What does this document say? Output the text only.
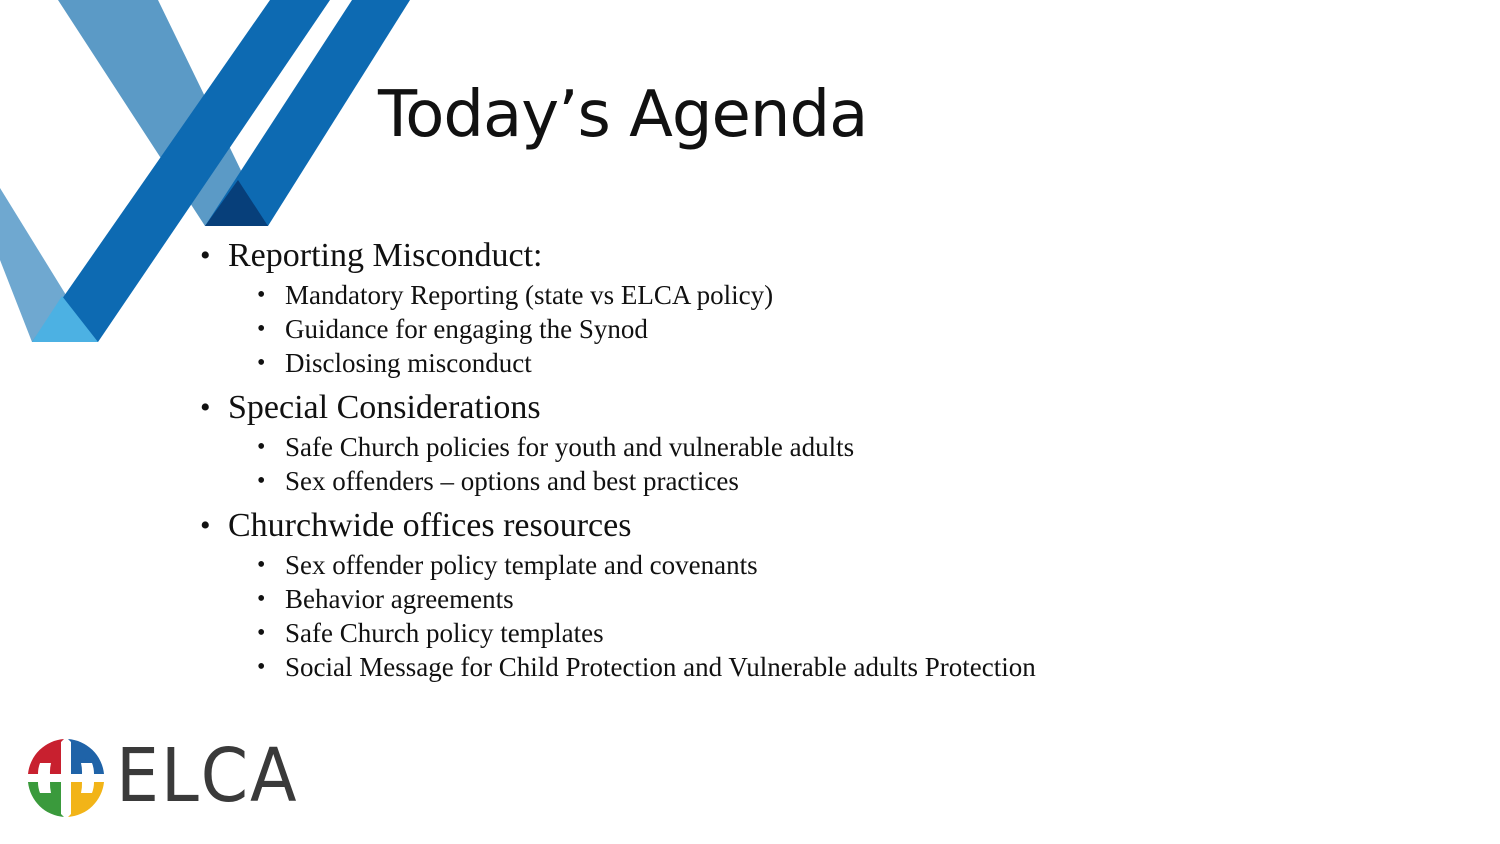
Today’s Agenda
• Reporting Misconduct:
• Mandatory Reporting (state vs ELCA policy)
• Guidance for engaging the Synod
• Disclosing misconduct
• Special Considerations
• Safe Church policies for youth and vulnerable adults
• Sex offenders – options and best practices
• Churchwide offices resources
• Sex offender policy template and covenants
• Behavior agreements
• Safe Church policy templates
• Social Message for Child Protection and Vulnerable adults Protection
ELCA
